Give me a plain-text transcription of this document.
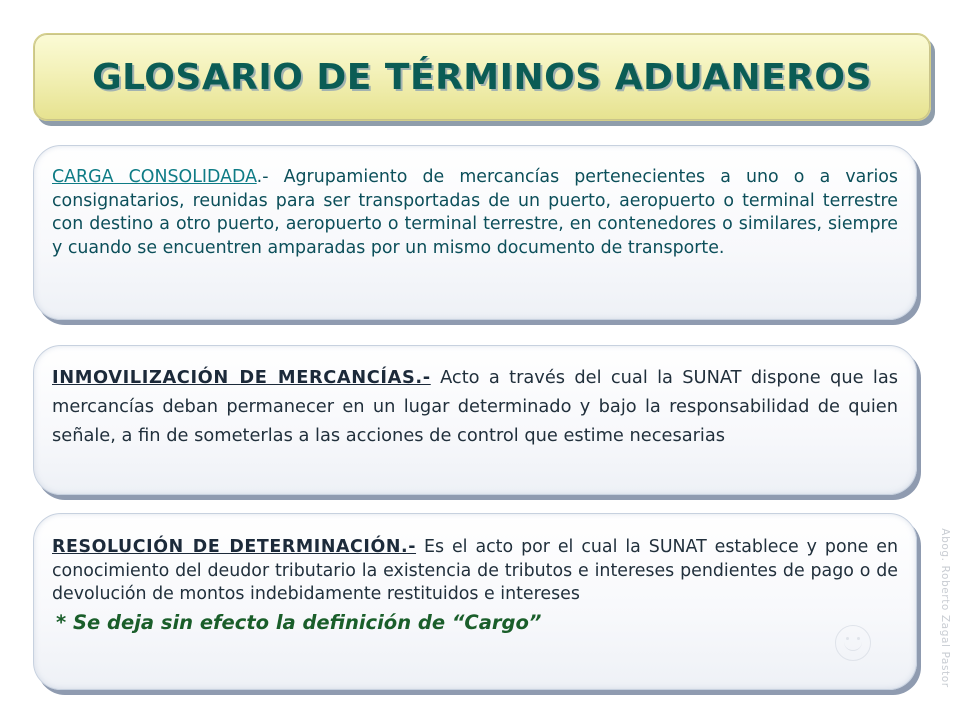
GLOSARIO DE TÉRMINOS ADUANEROS

CARGA CONSOLIDADA.- Agrupamiento de mercancías pertenecientes a uno o a varios consignatarios, reunidas para ser transportadas de un puerto, aeropuerto o terminal terrestre con destino a otro puerto, aeropuerto o terminal terrestre, en contenedores o similares, siempre y cuando se encuentren amparadas por un mismo documento de transporte.

INMOVILIZACIÓN DE MERCANCÍAS.- Acto a través del cual la SUNAT dispone que las mercancías deban permanecer en un lugar determinado y bajo la responsabilidad de quien señale, a fin de someterlas a las acciones de control que estime necesarias

RESOLUCIÓN DE DETERMINACIÓN.- Es el acto por el cual la SUNAT establece y pone en conocimiento del deudor tributario la existencia de tributos e intereses pendientes de pago o de devolución de montos indebidamente restituidos e intereses

* Se deja sin efecto la definición de “Cargo”	Abog. Roberto Zagal Pastor
